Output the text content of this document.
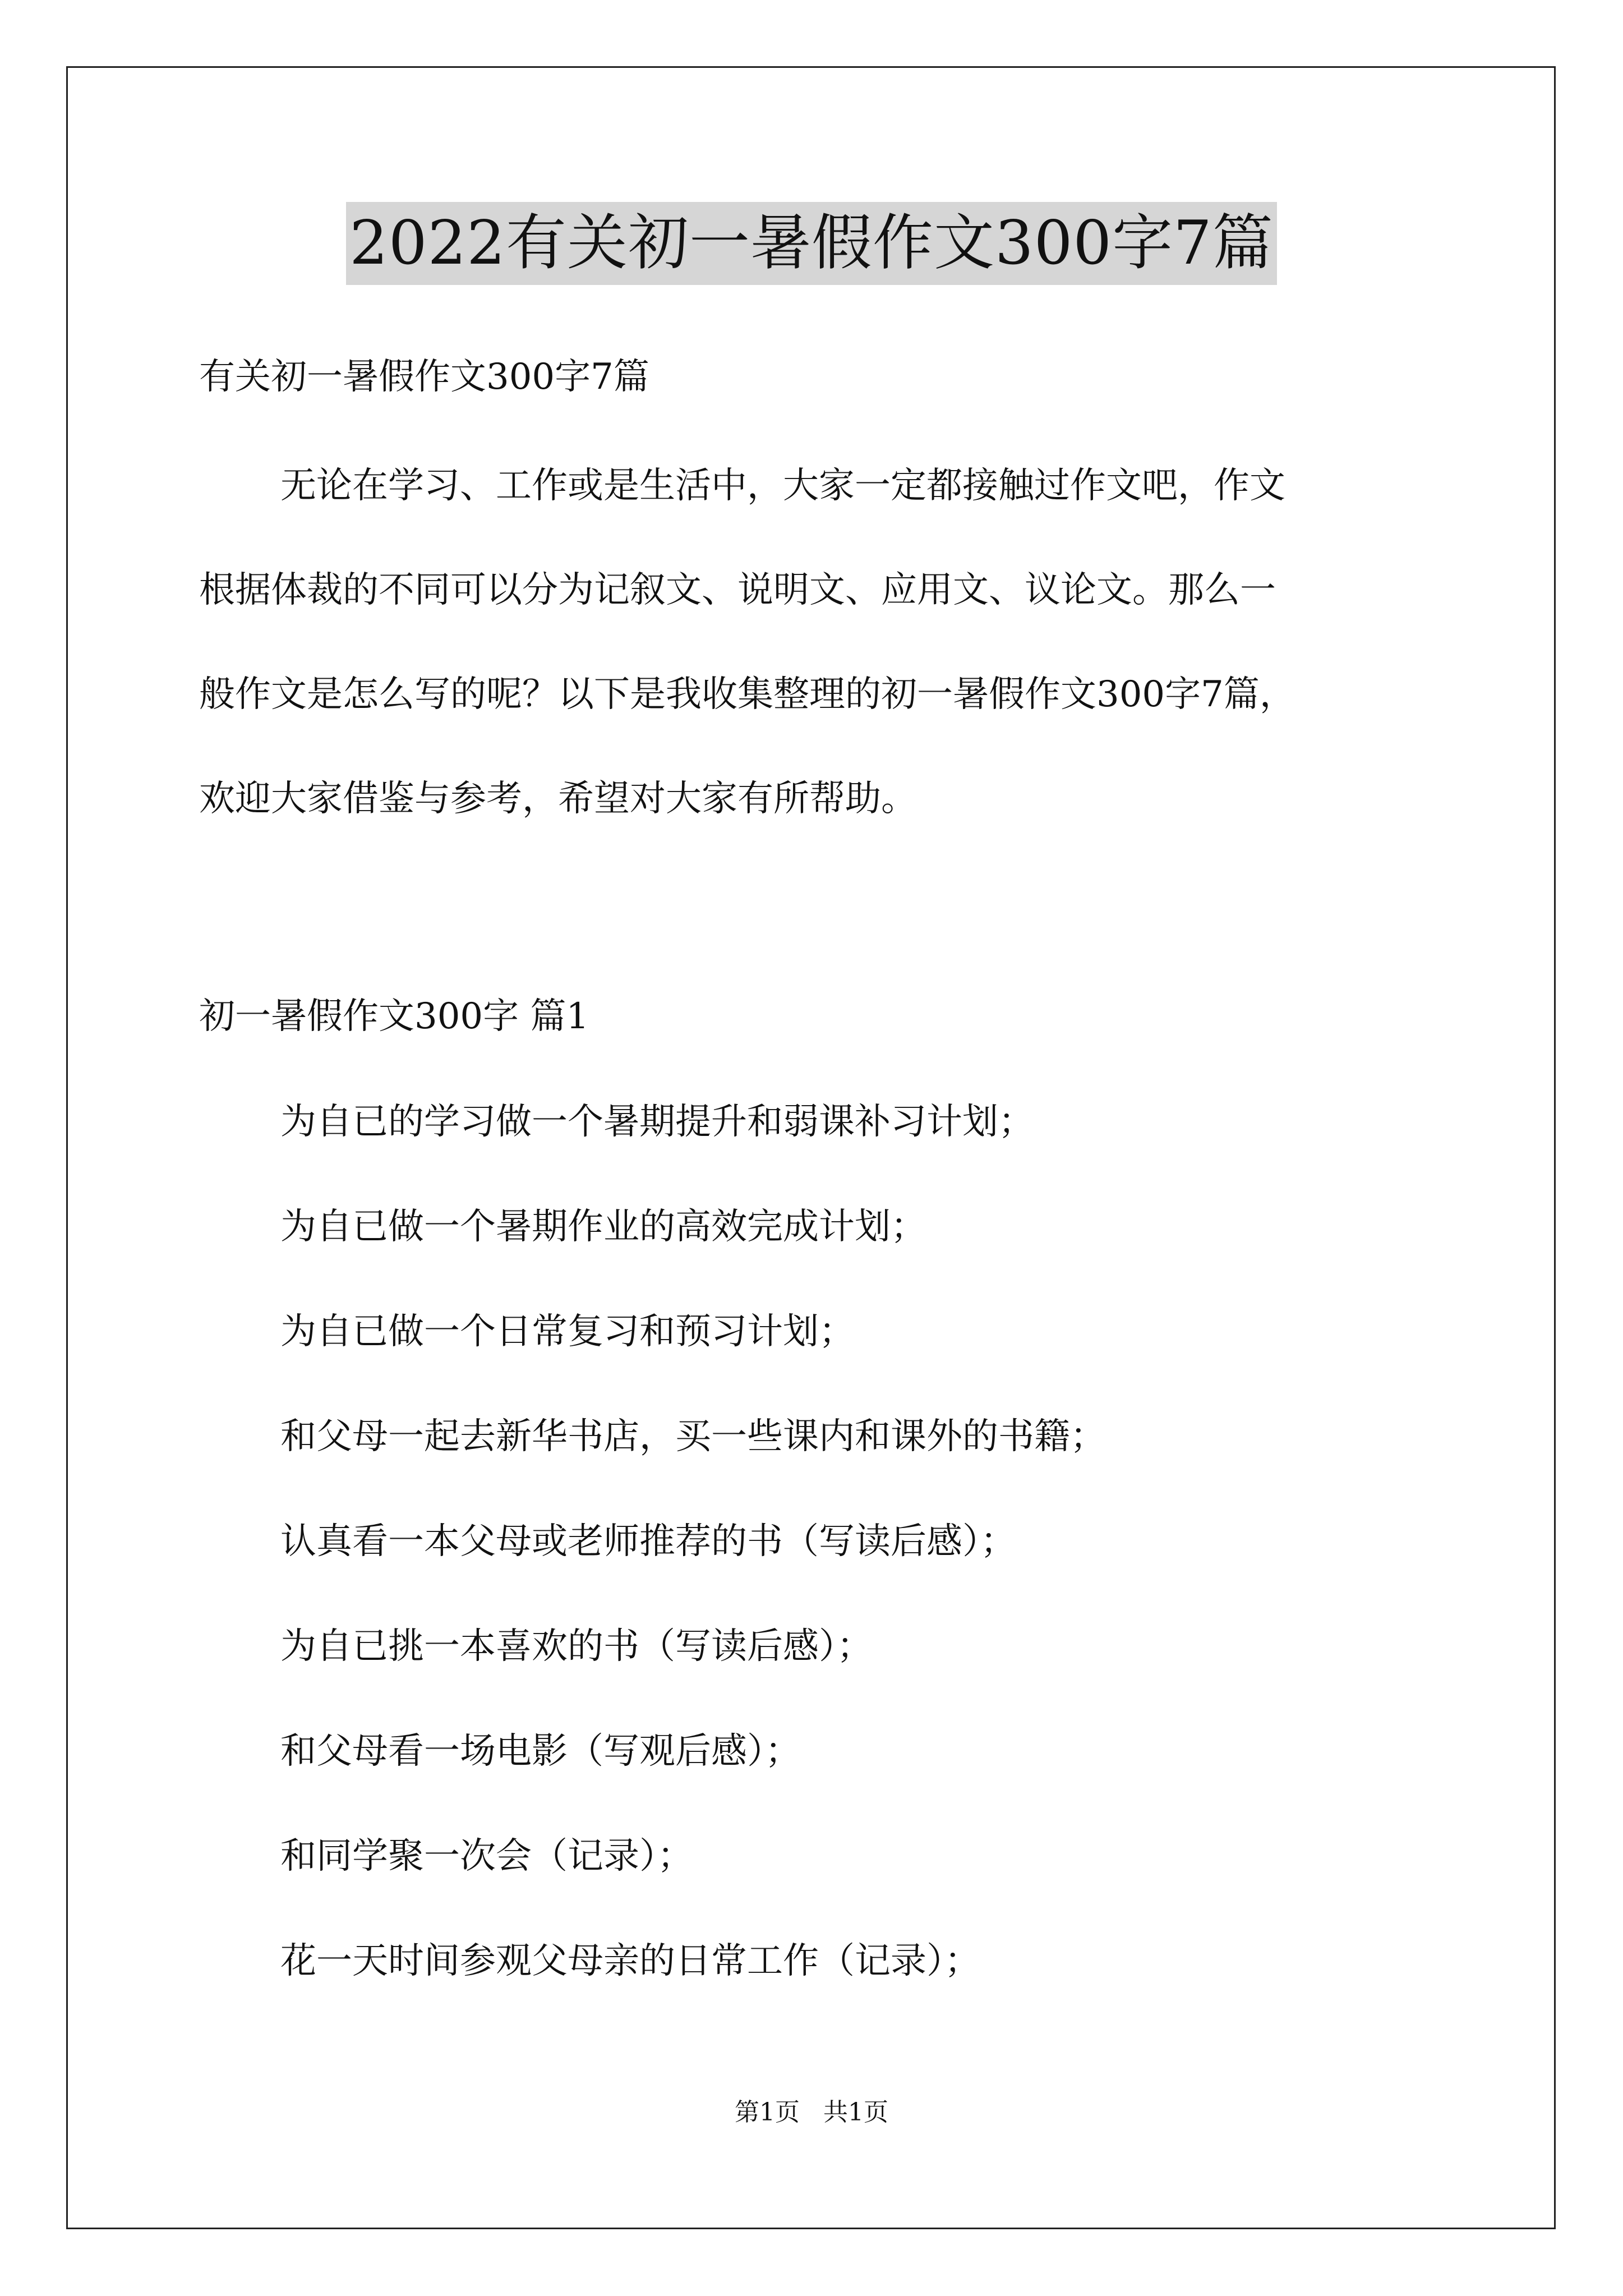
2022有关初一暑假作文300字7篇
有关初一暑假作文300字7篇
无论在学习、工作或是生活中，大家一定都接触过作文吧，作文
根据体裁的不同可以分为记叙文、说明文、应用文、议论文。那么一
般作文是怎么写的呢？以下是我收集整理的初一暑假作文300字7篇，
欢迎大家借鉴与参考，希望对大家有所帮助。
初一暑假作文300字 篇1
为自已的学习做一个暑期提升和弱课补习计划；
为自已做一个暑期作业的高效完成计划；
为自已做一个日常复习和预习计划；
和父母一起去新华书店，买一些课内和课外的书籍；
认真看一本父母或老师推荐的书（写读后感）；
为自已挑一本喜欢的书（写读后感）；
和父母看一场电影（写观后感）；
和同学聚一次会（记录）；
花一天时间参观父母亲的日常工作（记录）；
第1页   共1页
